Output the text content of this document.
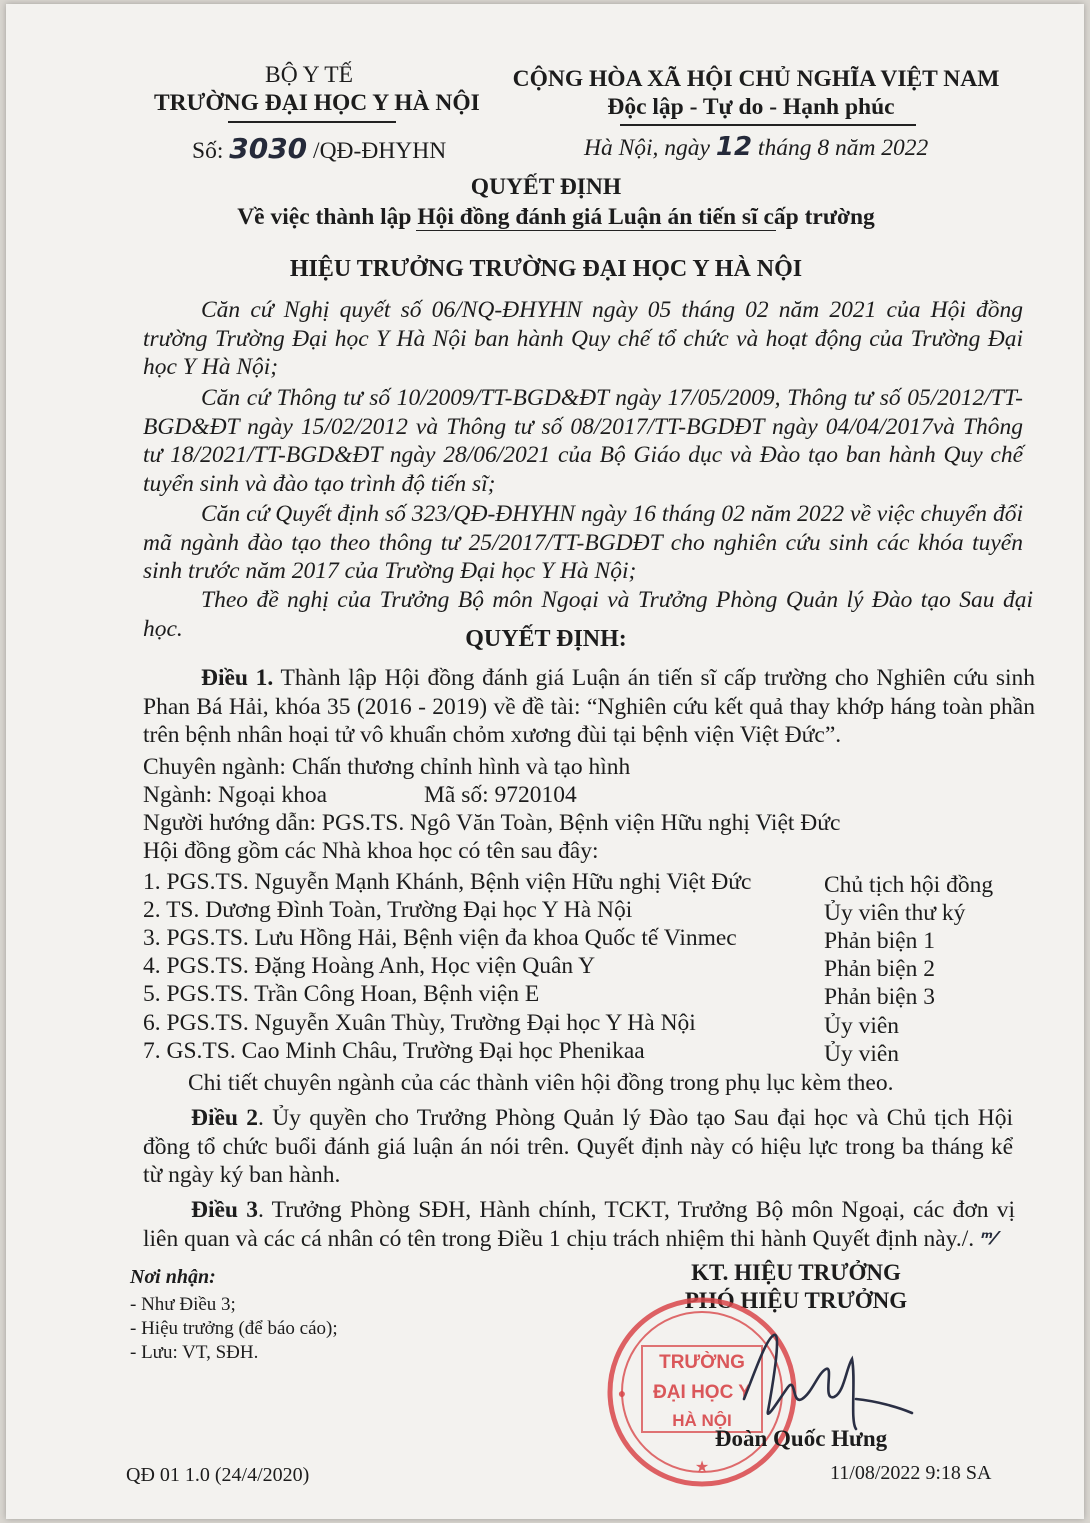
BỘ Y TẾ
TRƯỜNG ĐẠI HỌC Y HÀ NỘI
Số: 3030 /QĐ-ĐHYHN
CỘNG HÒA XÃ HỘI CHỦ NGHĨA VIỆT NAM
Độc lập - Tự do - Hạnh phúc
Hà Nội, ngày 12 tháng 8 năm 2022
QUYẾT ĐỊNH
Về việc thành lập Hội đồng đánh giá Luận án tiến sĩ cấp trường
HIỆU TRƯỞNG TRƯỜNG ĐẠI HỌC Y HÀ NỘI
Căn cứ Nghị quyết số 06/NQ-ĐHYHN ngày 05 tháng 02 năm 2021 của Hội đồng trường Trường Đại học Y Hà Nội ban hành Quy chế tổ chức và hoạt động của Trường Đại học Y Hà Nội;
Căn cứ Thông tư số 10/2009/TT-BGD&ĐT ngày 17/05/2009, Thông tư số 05/2012/TT-BGD&ĐT ngày 15/02/2012 và Thông tư số 08/2017/TT-BGDĐT ngày 04/04/2017và Thông tư 18/2021/TT-BGD&ĐT ngày 28/06/2021 của Bộ Giáo dục và Đào tạo ban hành Quy chế tuyển sinh và đào tạo trình độ tiến sĩ;
Căn cứ Quyết định số 323/QĐ-ĐHYHN ngày 16 tháng 02 năm 2022 về việc chuyển đổi mã ngành đào tạo theo thông tư 25/2017/TT-BGDĐT cho nghiên cứu sinh các khóa tuyển sinh trước năm 2017 của Trường Đại học Y Hà Nội;
Theo đề nghị của Trưởng Bộ môn Ngoại và Trưởng Phòng Quản lý Đào tạo Sau đại học.	QUYẾT ĐỊNH:
Điều 1. Thành lập Hội đồng đánh giá Luận án tiến sĩ cấp trường cho Nghiên cứu sinh Phan Bá Hải, khóa 35 (2016 - 2019) về đề tài: “Nghiên cứu kết quả thay khớp háng toàn phần trên bệnh nhân hoại tử vô khuẩn chỏm xương đùi tại bệnh viện Việt Đức”.
Chuyên ngành: Chấn thương chỉnh hình và tạo hình
Ngành: Ngoại khoa	Mã số: 9720104
Người hướng dẫn: PGS.TS. Ngô Văn Toàn, Bệnh viện Hữu nghị Việt Đức
Hội đồng gồm các Nhà khoa học có tên sau đây:
1. PGS.TS. Nguyễn Mạnh Khánh, Bệnh viện Hữu nghị Việt Đức	Chủ tịch hội đồng
2. TS. Dương Đình Toàn, Trường Đại học Y Hà Nội	Ủy viên thư ký
3. PGS.TS. Lưu Hồng Hải, Bệnh viện đa khoa Quốc tế Vinmec	Phản biện 1
4. PGS.TS. Đặng Hoàng Anh, Học viện Quân Y	Phản biện 2
5. PGS.TS. Trần Công Hoan, Bệnh viện E	Phản biện 3
6. PGS.TS. Nguyễn Xuân Thùy, Trường Đại học Y Hà Nội	Ủy viên
7. GS.TS. Cao Minh Châu, Trường Đại học Phenikaa	Ủy viên
Chi tiết chuyên ngành của các thành viên hội đồng trong phụ lục kèm theo.
Điều 2. Ủy quyền cho Trưởng Phòng Quản lý Đào tạo Sau đại học và Chủ tịch Hội đồng tổ chức buổi đánh giá luận án nói trên. Quyết định này có hiệu lực trong ba tháng kể từ ngày ký ban hành.
Điều 3. Trưởng Phòng SĐH, Hành chính, TCKT, Trưởng Bộ môn Ngoại, các đơn vị liên quan và các cá nhân có tên trong Điều 1 chịu trách nhiệm thi hành Quyết định này./. ᵐ⁄
Nơi nhận:
- Như Điều 3;
- Hiệu trưởng (để báo cáo);
- Lưu: VT, SĐH.
KT. HIỆU TRƯỞNG
PHÓ HIỆU TRƯỞNG
TRƯỜNG
ĐẠI HỌC Y
HÀ NỘI
★
●
Đoàn Quốc Hưng
QĐ 01 1.0 (24/4/2020)	11/08/2022 9:18 SA
